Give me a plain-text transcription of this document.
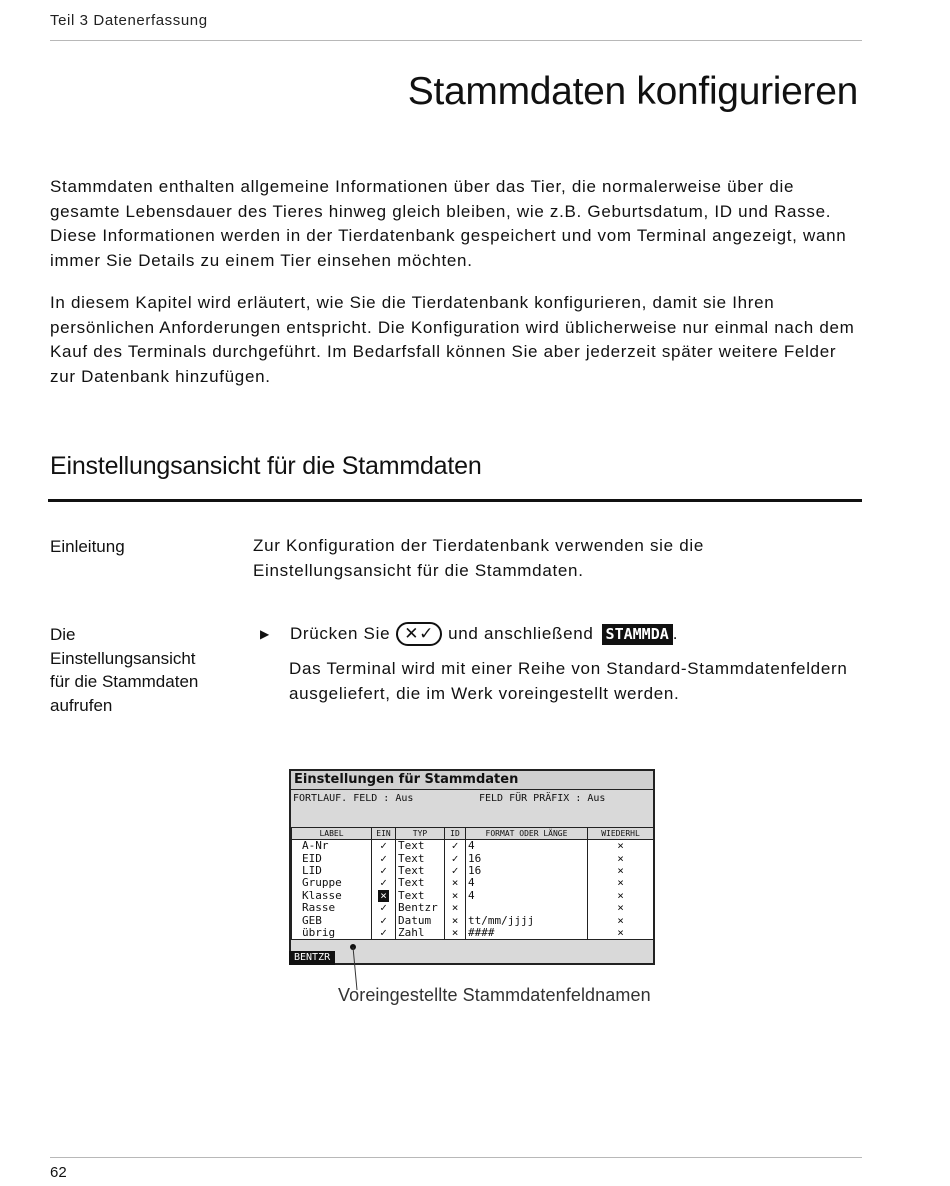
Teil 3 Datenerfassung
Stammdaten konfigurieren

Stammdaten enthalten allgemeine Informationen über das Tier, die normalerweise über die gesamte Lebensdauer des Tieres hinweg gleich bleiben, wie z.B. Geburtsdatum, ID und Rasse. Diese Informationen werden in der Tierdatenbank gespeichert und vom Terminal angezeigt, wann immer Sie Details zu einem Tier einsehen möchten.

In diesem Kapitel wird erläutert, wie Sie die Tierdatenbank konfigurieren, damit sie Ihren persönlichen Anforderungen entspricht. Die Konfiguration wird üblicherweise nur einmal nach dem Kauf des Terminals durchgeführt. Im Bedarfsfall können Sie aber jederzeit später weitere Felder zur Datenbank hinzufügen.

Einstellungsansicht für die Stammdaten
Einleitung	Zur Konfiguration der Tierdatenbank verwenden sie die Einstellungsansicht für die Stammdaten.

Die Einstellungsansicht für die Stammdaten aufrufen
▶ Drücken Sie ✕✓ und anschließend STAMMDA .

Das Terminal wird mit einer Reihe von Standard-Stammdatenfeldern ausgeliefert, die im Werk voreingestellt werden.

Einstellungen für Stammdaten
FORTLAUF. FELD : Aus	FELD FÜR PRÄFIX : Aus
LABEL	EIN	TYP	ID	FORMAT ODER LÄNGE	WIEDERHL
A-Nr	✓	Text	✓	4	×
EID	✓	Text	✓	16	×
LID	✓	Text	✓	16	×
Gruppe	✓	Text	×	4	×
Klasse	×	Text	×	4	×
Rasse	✓	Bentzr	×		×
GEB	✓	Datum	×	tt/mm/jjjj	×
übrig	✓	Zahl	×	####	×
BENTZR
Voreingestellte Stammdatenfeldnamen
62
